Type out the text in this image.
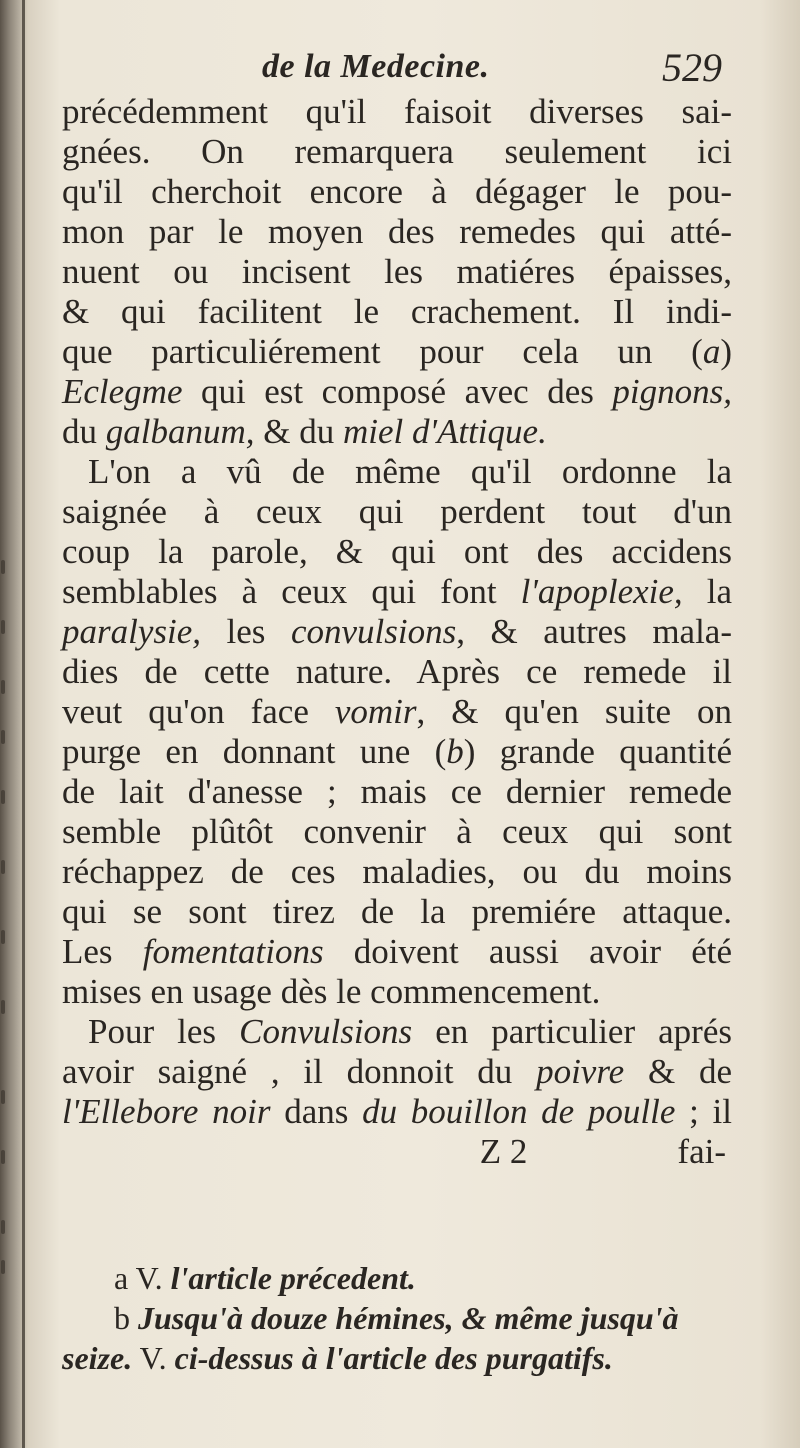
de la Medecine.	529
précédemment qu'il faisoit diverses sai-
gnées. On remarquera seulement ici
qu'il cherchoit encore à dégager le pou-
mon par le moyen des remedes qui atté-
nuent ou incisent les matiéres épaisses,
& qui facilitent le crachement. Il indi-
que particuliérement pour cela un (a)
Eclegme qui est composé avec des pignons,
du galbanum, & du miel d'Attique.
L'on a vû de même qu'il ordonne la
saignée à ceux qui perdent tout d'un
coup la parole, & qui ont des accidens
semblables à ceux qui font l'apoplexie, la
paralysie, les convulsions, & autres mala-
dies de cette nature. Après ce remede il
veut qu'on face vomir, & qu'en suite on
purge en donnant une (b) grande quantité
de lait d'anesse ; mais ce dernier remede
semble plûtôt convenir à ceux qui sont
réchappez de ces maladies, ou du moins
qui se sont tirez de la premiére attaque.
Les fomentations doivent aussi avoir été
mises en usage dès le commencement.
Pour les Convulsions en particulier aprés
avoir saigné , il donnoit du poivre & de
l'Ellebore noir dans du bouillon de poulle ; il
Z 2	fai-
a V. l'article précedent.
b Jusqu'à douze hémines, & même jusqu'à
seize. V. ci-dessus à l'article des purgatifs.
